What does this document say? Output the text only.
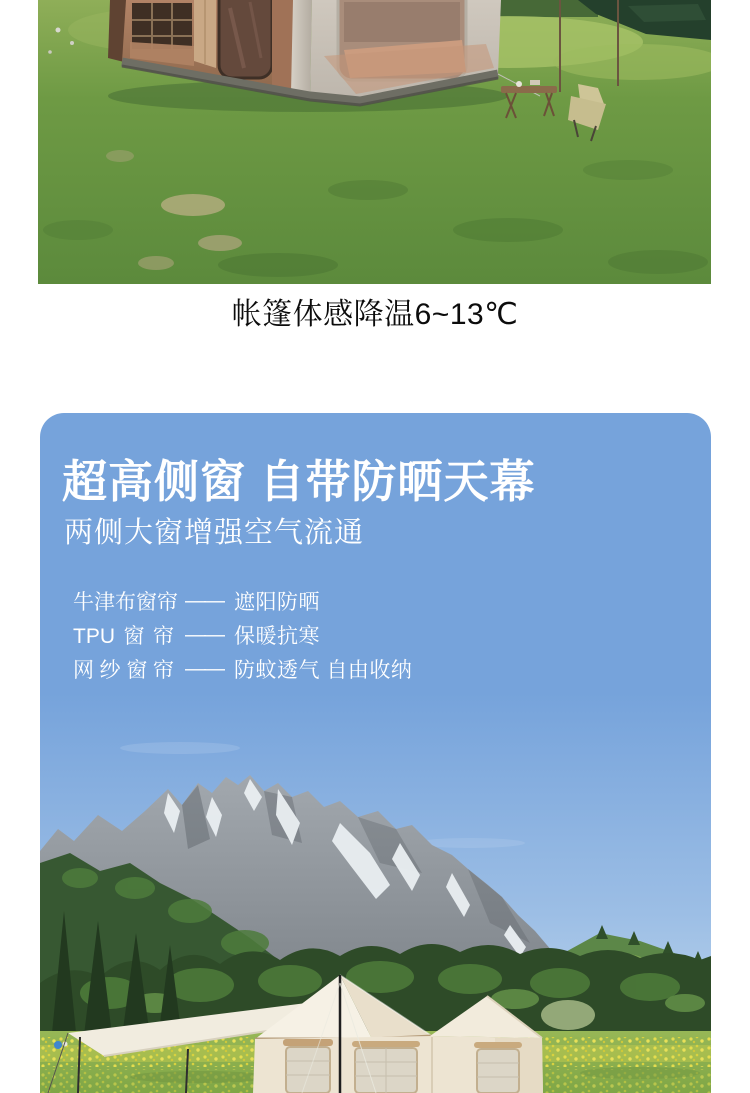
帐篷体感降温6~13℃
超高侧窗 自带防晒天幕

两侧大窗增强空气流通

牛津布窗帘 —— 遮阳防晒
TPU窗帘 —— 保暖抗寒
网纱窗帘 —— 防蚊透气 自由收纳
